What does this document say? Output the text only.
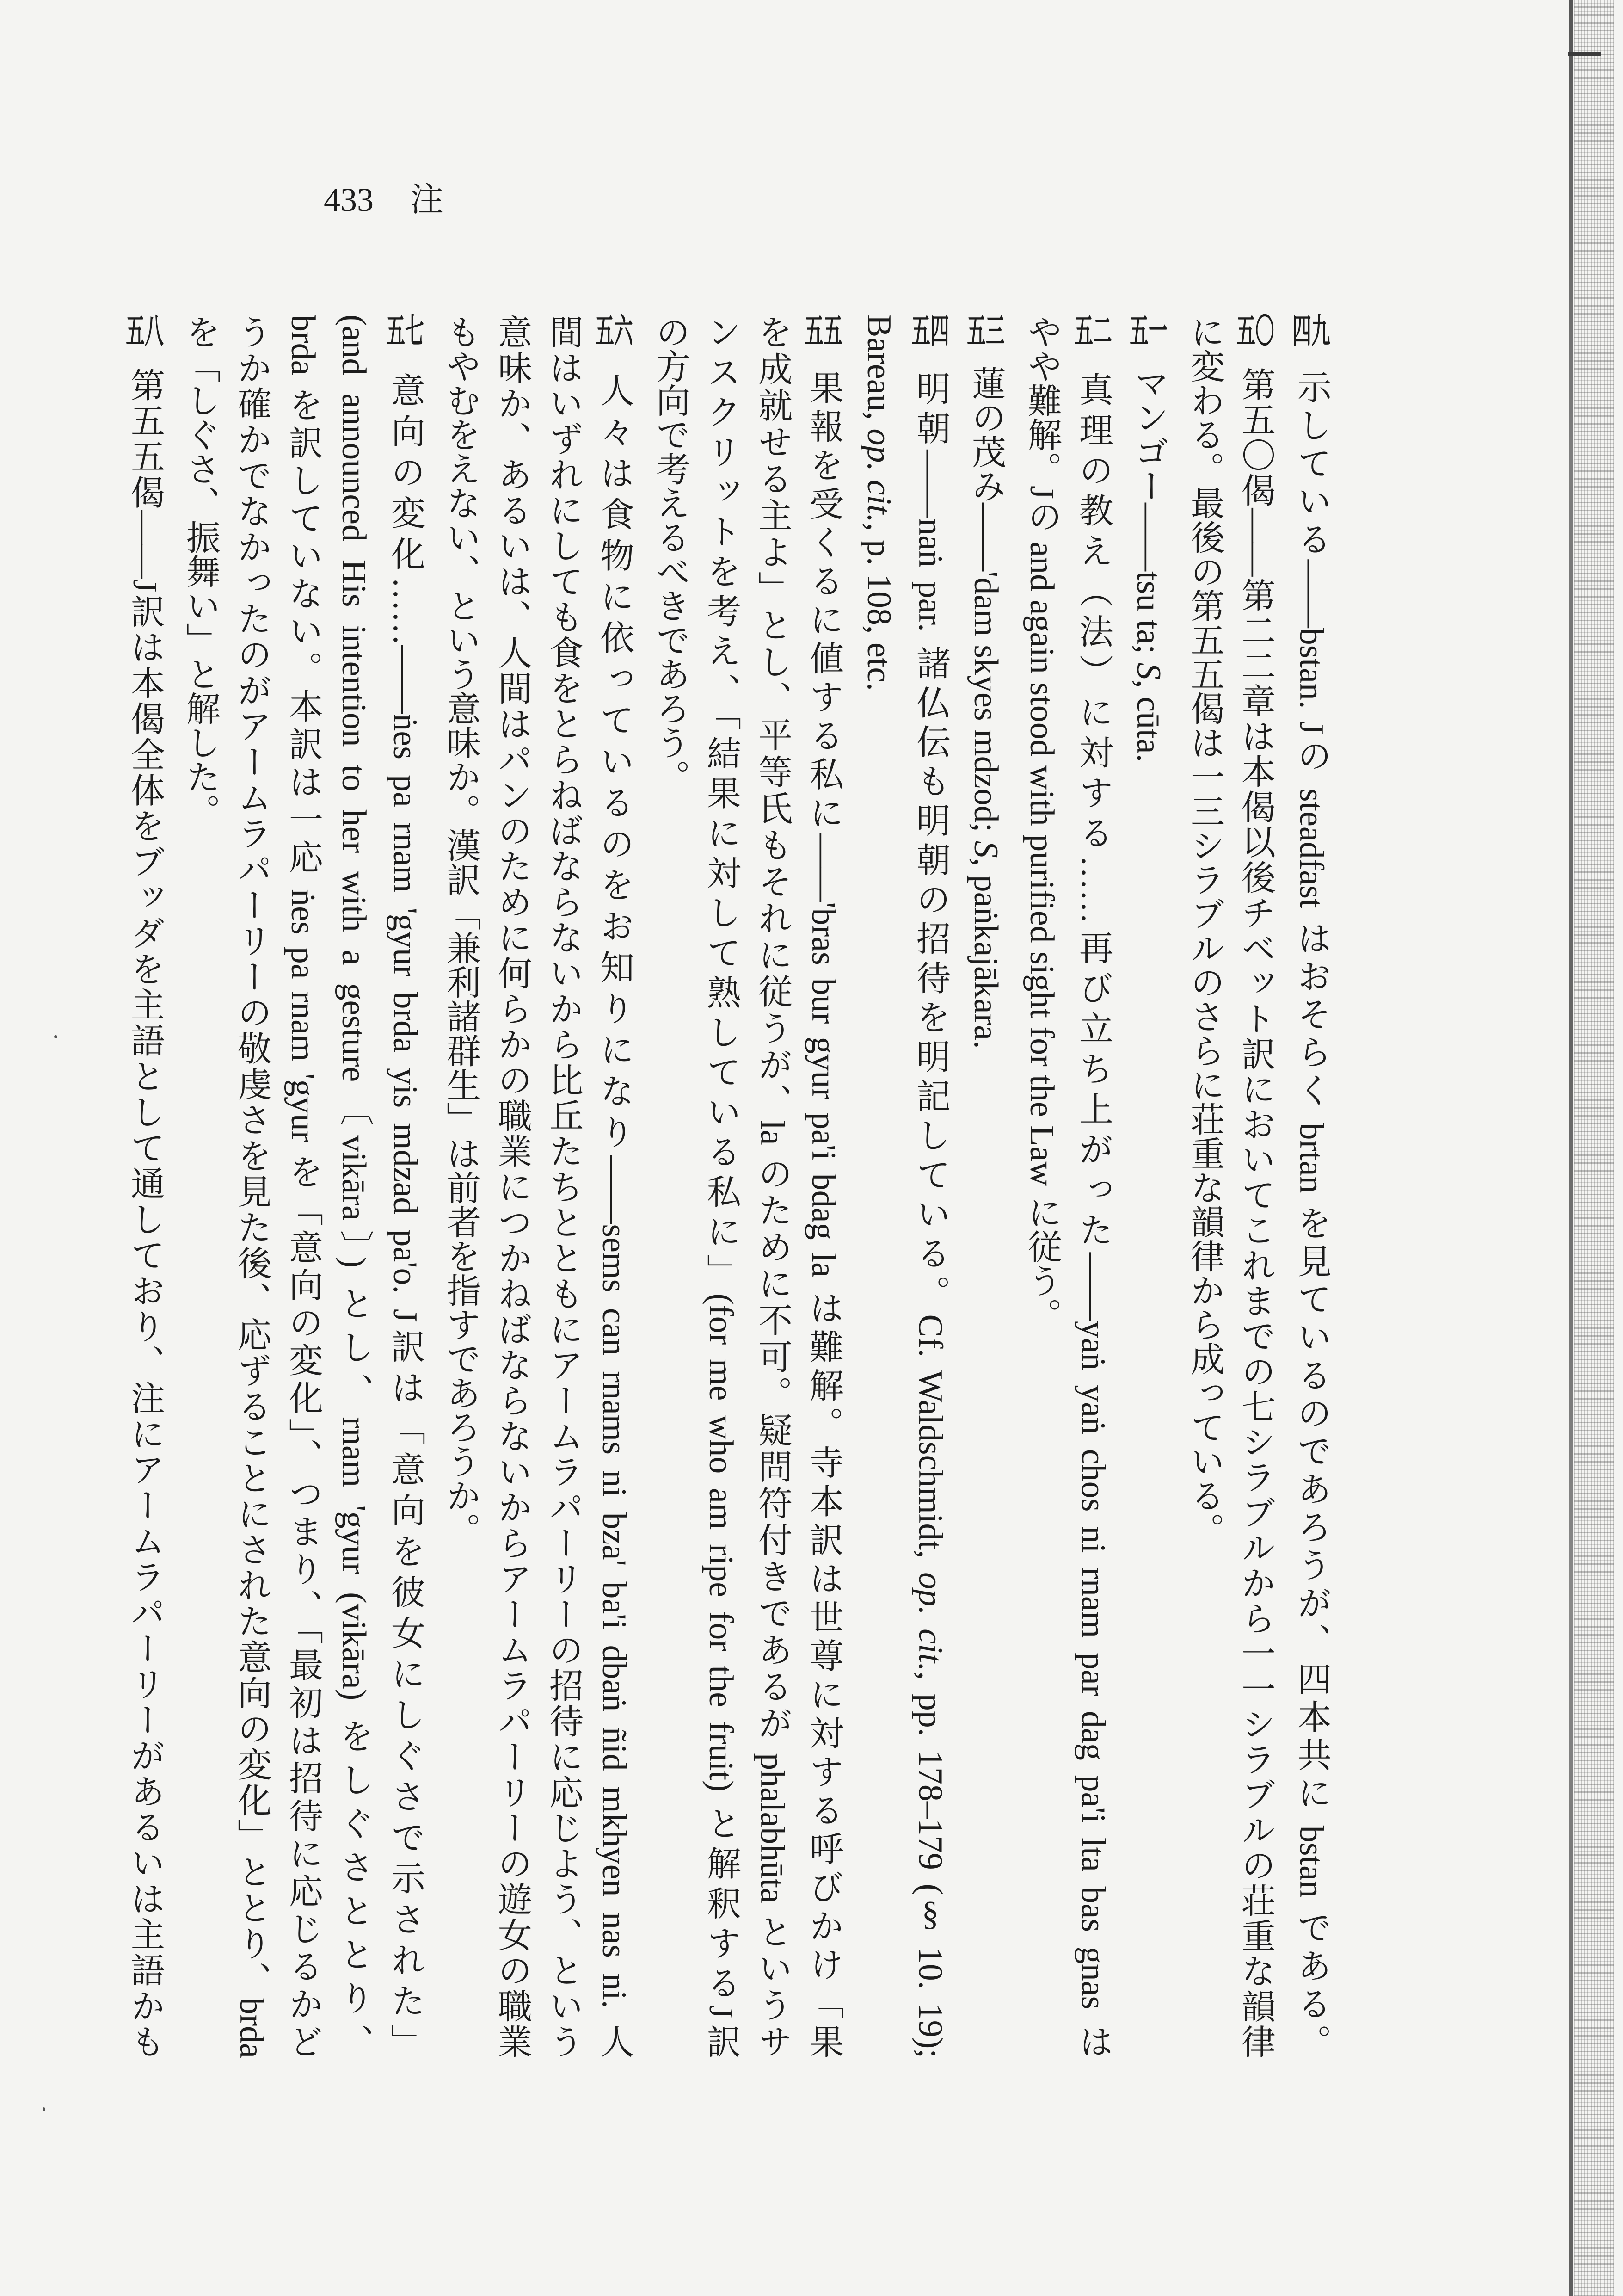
433 注
四九示している——bstan. Jの steadfast はおそらく brtan を見ているのであろうが、四本共に bstan である。
五〇第五〇偈——第二二章は本偈以後チベット訳においてこれまでの七シラブルから一一シラブルの荘重な韻律
に変わる。最後の第五五偈は一三シラブルのさらに荘重な韻律から成っている。
五一マンゴー——tsu ta; S, cūta.
五二真理の教え（法）に対する……再び立ち上がった——yaṅ yaṅ chos ni rnam par dag pa'i lta bas gnas は
やや難解。Jの and again stood with purified sight for the Law に従う。
五三蓮の茂み——'dam skyes mdzod; S, paṅkajākara.
五四明朝——naṅ par. 諸仏伝も明朝の招待を明記している。Cf. Waldschmidt, op. cit., pp. 178–179 (§ 10. 19);
Bareau, op. cit., p. 108, etc.
五五果報を受くるに値する私に——'bras bur gyur pa'i bdag la は難解。寺本訳は世尊に対する呼びかけ「果
を成就せる主よ」とし、平等氏もそれに従うが、la のために不可。疑問符付きであるが phalabhūta というサ
ンスクリットを考え、「結果に対して熟している私に」(for me who am ripe for the fruit) と解釈するJ訳
の方向で考えるべきであろう。
五六人々は食物に依っているのをお知りになり——sems can rnams ni bza' ba'i dbaṅ ñid mkhyen nas ni. 人
間はいずれにしても食をとらねばならないから比丘たちとともにアームラパーリーの招待に応じよう、という
意味か、あるいは、人間はパンのために何らかの職業につかねばならないからアームラパーリーの遊女の職業
もやむをえない、という意味か。漢訳「兼利諸群生」は前者を指すであろうか。
五七意向の変化……——ṅes pa rnam 'gyur brda yis mdzad pa'o. J訳は「意向を彼女にしぐさで示された」
(and announced His intention to her with a gesture〔vikāra〕) とし、rnam 'gyur (vikāra) をしぐさととり、
brda を訳していない。本訳は一応 ṅes pa rnam 'gyur を「意向の変化」、つまり、「最初は招待に応じるかど
うか確かでなかったのがアームラパーリーの敬虔さを見た後、応ずることにされた意向の変化」ととり、brda
を「しぐさ、振舞い」と解した。
五八第五五偈——J訳は本偈全体をブッダを主語として通しており、注にアームラパーリーがあるいは主語かも
